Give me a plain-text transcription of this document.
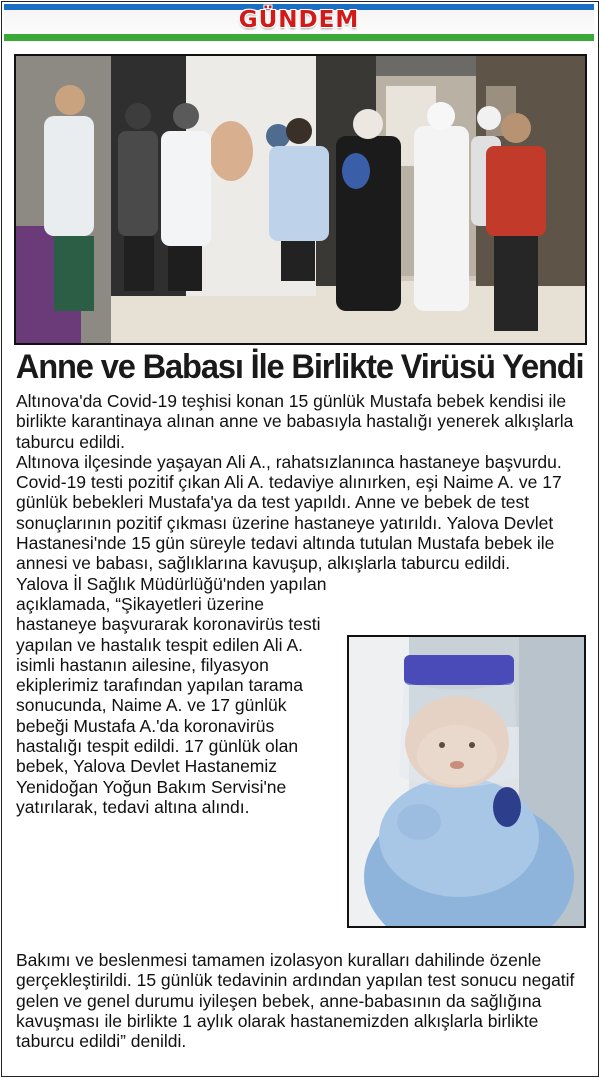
GÜNDEM
Anne ve Babası İle Birlikte Virüsü Yendi

Altınova'da Covid-19 teşhisi konan 15 günlük Mustafa bebek kendisi ile birlikte karantinaya alınan anne ve babasıyla hastalığı yenerek alkışlarla taburcu edildi.

Altınova ilçesinde yaşayan Ali A., rahatsızlanınca hastaneye başvurdu. Covid-19 testi pozitif çıkan Ali A. tedaviye alınırken, eşi Naime A. ve 17 günlük bebekleri Mustafa'ya da test yapıldı. Anne ve bebek de test sonuçlarının pozitif çıkması üzerine hastaneye yatırıldı. Yalova Devlet Hastanesi'nde 15 gün süreyle tedavi altında tutulan Mustafa bebek ile annesi ve babası, sağlıklarına kavuşup, alkışlarla taburcu edildi.

Yalova İl Sağlık Müdürlüğü'nden yapılan açıklamada, “Şikayetleri üzerine hastaneye başvurarak koronavirüs testi yapılan ve hastalık tespit edilen Ali A. isimli hastanın ailesine, filyasyon ekiplerimiz tarafından yapılan tarama sonucunda, Naime A. ve 17 günlük bebeği Mustafa A.'da koronavirüs hastalığı tespit edildi. 17 günlük olan bebek, Yalova Devlet Hastanemiz Yenidoğan Yoğun Bakım Servisi'ne yatırılarak, tedavi altına alındı.

Bakımı ve beslenmesi tamamen izolasyon kuralları dahilinde özenle gerçekleştirildi. 15 günlük tedavinin ardından yapılan test sonucu negatif gelen ve genel durumu iyileşen bebek, anne-babasının da sağlığına kavuşması ile birlikte 1 aylık olarak hastanemizden alkışlarla birlikte taburcu edildi” denildi.
